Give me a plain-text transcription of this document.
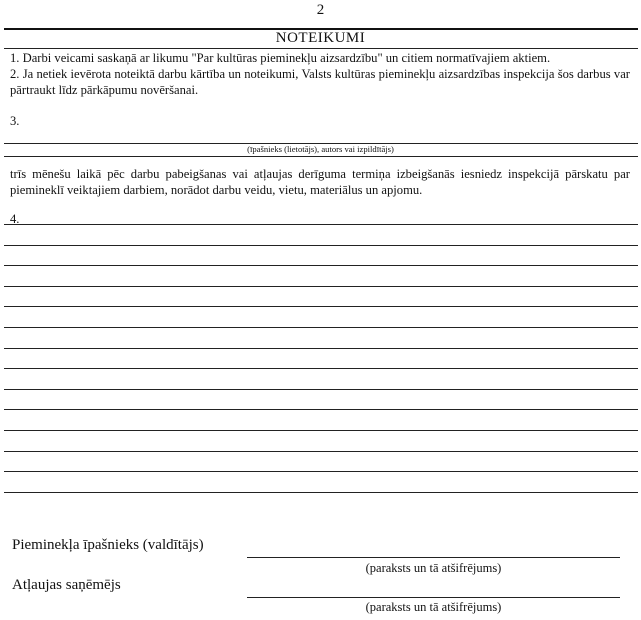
2
NOTEIKUMI
1. Darbi veicami saskaņā ar likumu "Par kultūras pieminekļu aizsardzību" un citiem normatīvajiem aktiem.
2. Ja netiek ievērota noteiktā darbu kārtība un noteikumi, Valsts kultūras pieminekļu aizsardzības inspekcija šos darbus var pārtraukt līdz pārkāpumu novēršanai.
3.
(īpašnieks (lietotājs), autors vai izpildītājs)
trīs mēnešu laikā pēc darbu pabeigšanas vai atļaujas derīguma termiņa izbeigšanās iesniedz inspekcijā pārskatu par piemineklī veiktajiem darbiem, norādot darbu veidu, vietu, materiālus un apjomu.
4.
Pieminekļa īpašnieks (valdītājs)
(paraksts un tā atšifrējums)
Atļaujas saņēmējs
(paraksts un tā atšifrējums)
